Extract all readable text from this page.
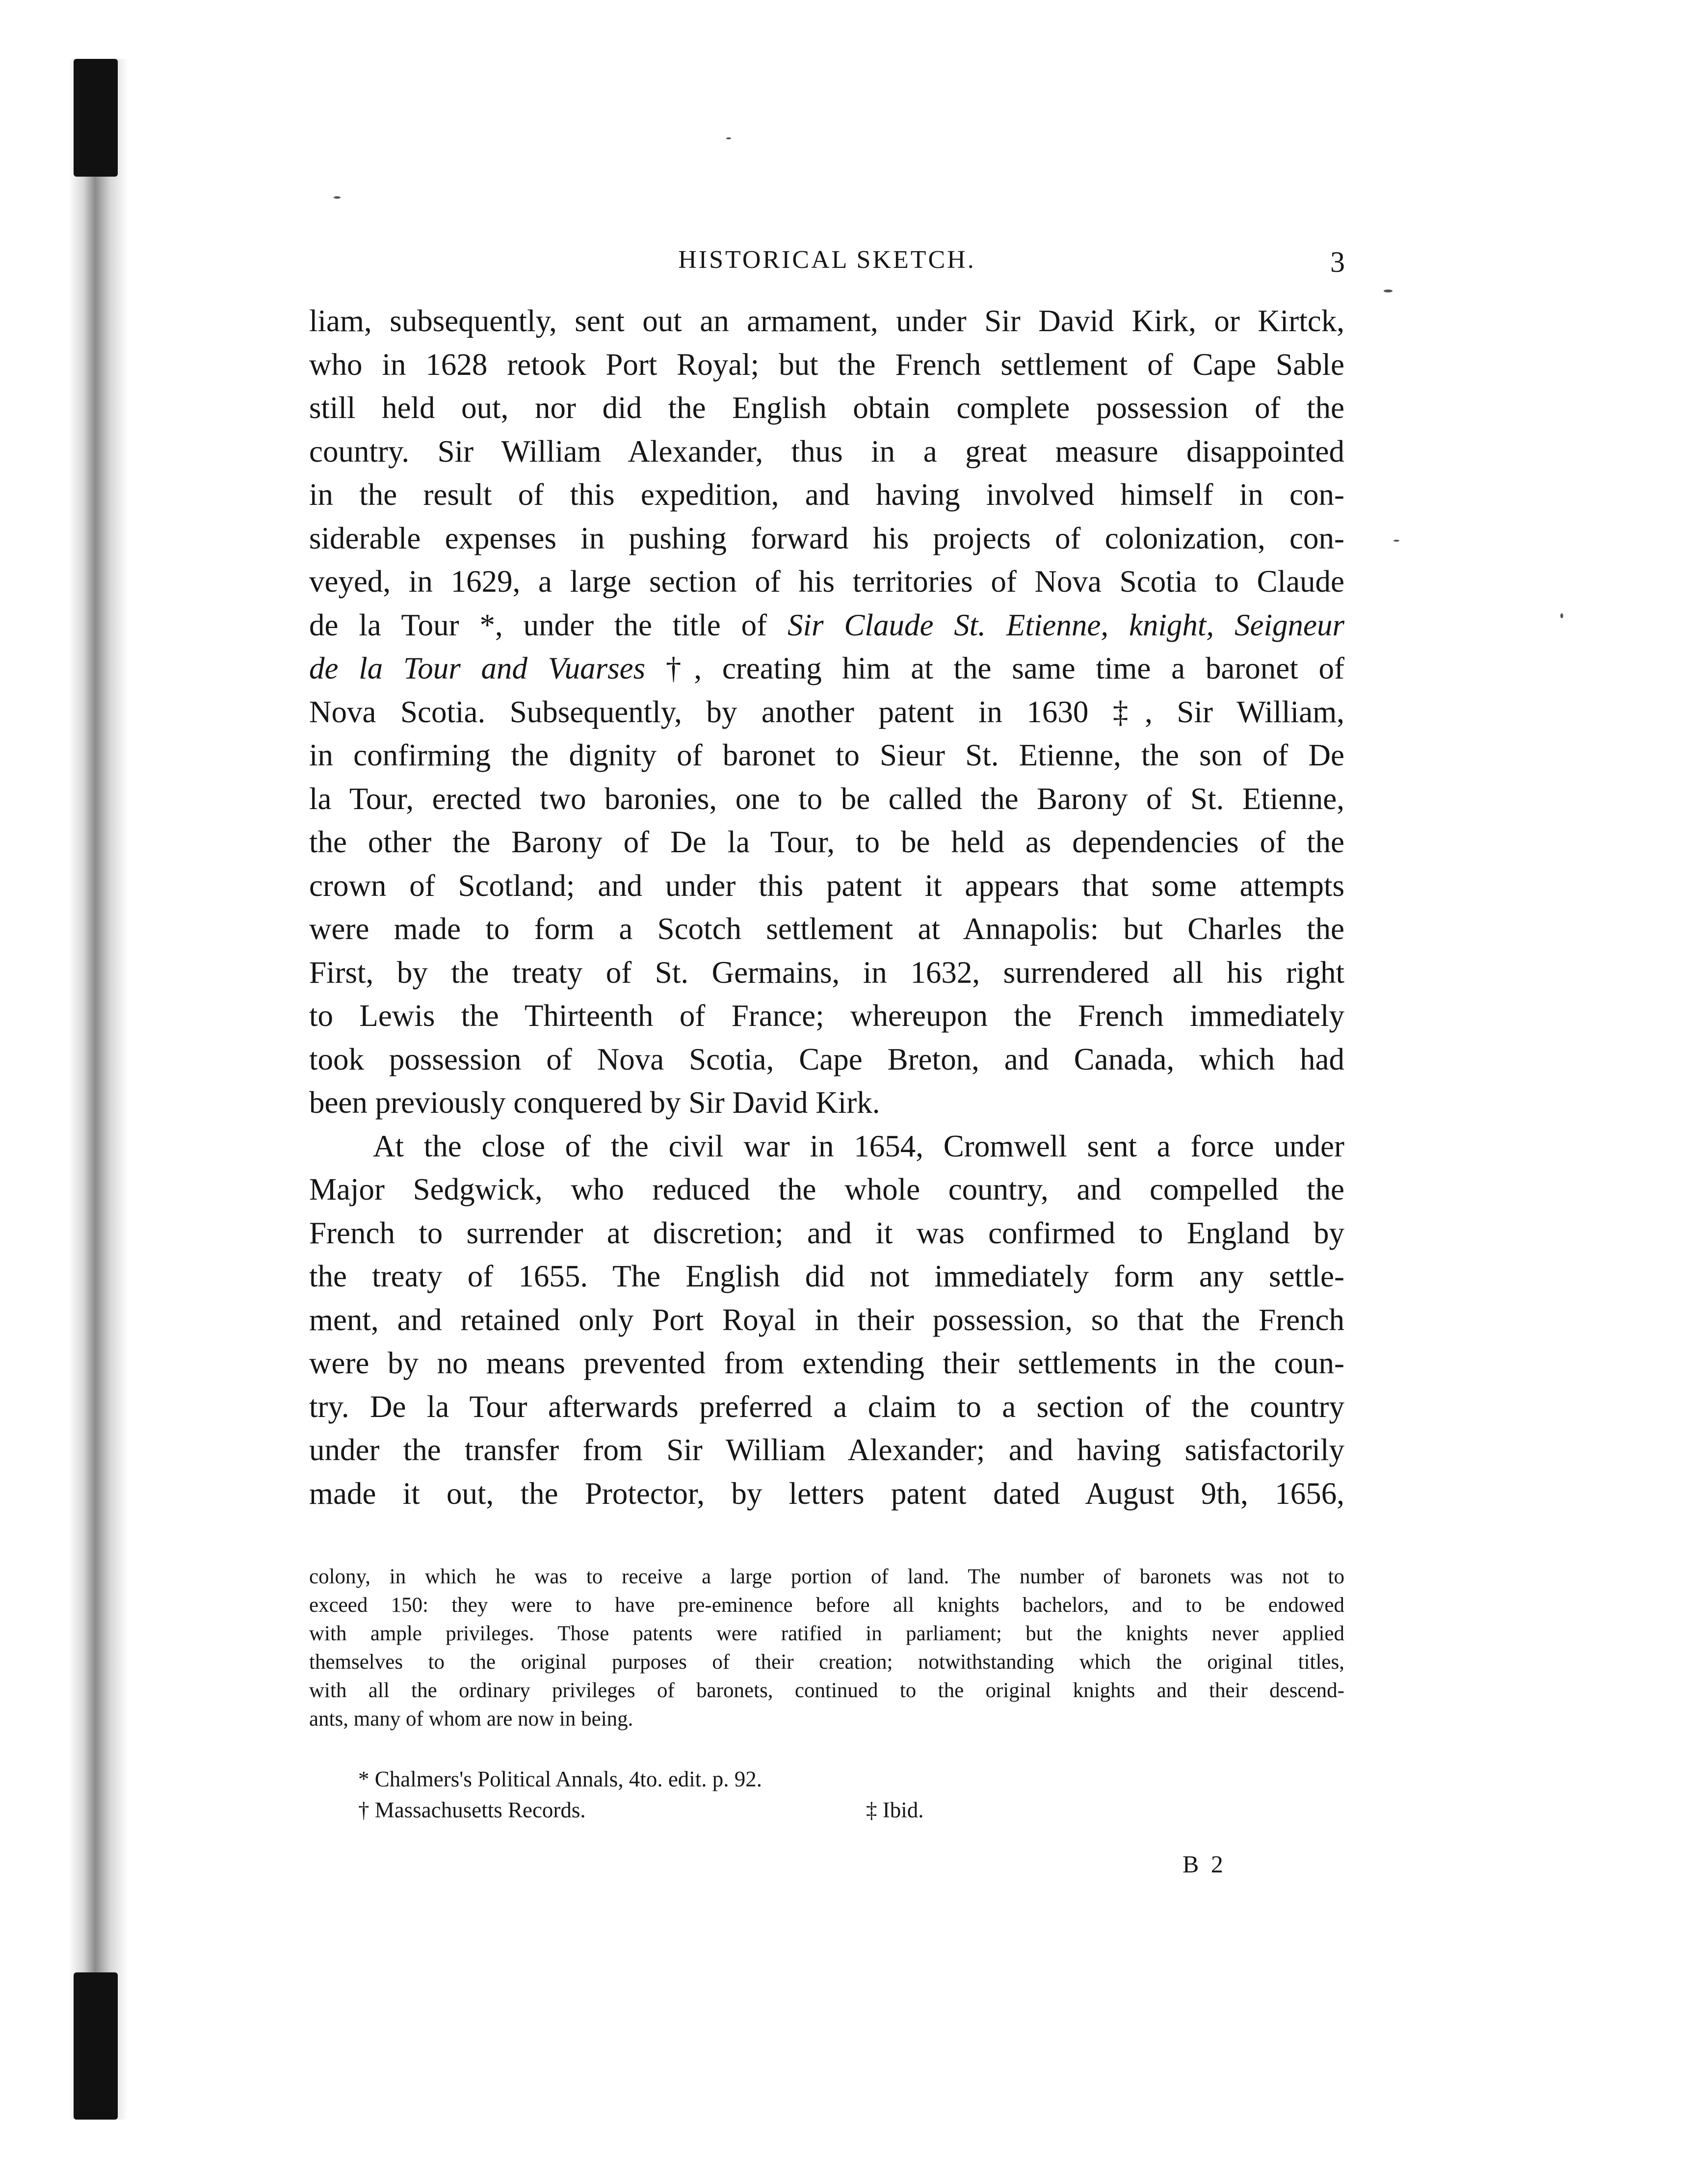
HISTORICAL SKETCH.	3

liam, subsequently, sent out an armament, under Sir David Kirk, or Kirtck,
who in 1628 retook Port Royal; but the French settlement of Cape Sable
still held out, nor did the English obtain complete possession of the
country. Sir William Alexander, thus in a great measure disappointed
in the result of this expedition, and having involved himself in con-
siderable expenses in pushing forward his projects of colonization, con-
veyed, in 1629, a large section of his territories of Nova Scotia to Claude
de la Tour *, under the title of Sir Claude St. Etienne, knight, Seigneur
de la Tour and Vuarses †, creating him at the same time a baronet of
Nova Scotia. Subsequently, by another patent in 1630 ‡, Sir William,
in confirming the dignity of baronet to Sieur St. Etienne, the son of De
la Tour, erected two baronies, one to be called the Barony of St. Etienne,
the other the Barony of De la Tour, to be held as dependencies of the
crown of Scotland; and under this patent it appears that some attempts
were made to form a Scotch settlement at Annapolis: but Charles the
First, by the treaty of St. Germains, in 1632, surrendered all his right
to Lewis the Thirteenth of France; whereupon the French immediately
took possession of Nova Scotia, Cape Breton, and Canada, which had
been previously conquered by Sir David Kirk.

At the close of the civil war in 1654, Cromwell sent a force under
Major Sedgwick, who reduced the whole country, and compelled the
French to surrender at discretion; and it was confirmed to England by
the treaty of 1655. The English did not immediately form any settle-
ment, and retained only Port Royal in their possession, so that the French
were by no means prevented from extending their settlements in the coun-
try. De la Tour afterwards preferred a claim to a section of the country
under the transfer from Sir William Alexander; and having satisfactorily
made it out, the Protector, by letters patent dated August 9th, 1656,

colony, in which he was to receive a large portion of land. The number of baronets was not to
exceed 150: they were to have pre-eminence before all knights bachelors, and to be endowed
with ample privileges. Those patents were ratified in parliament; but the knights never applied
themselves to the original purposes of their creation; notwithstanding which the original titles,
with all the ordinary privileges of baronets, continued to the original knights and their descend-
ants, many of whom are now in being.
* Chalmers's Political Annals, 4to. edit. p. 92.
† Massachusetts Records.	‡ Ibid.
B 2
